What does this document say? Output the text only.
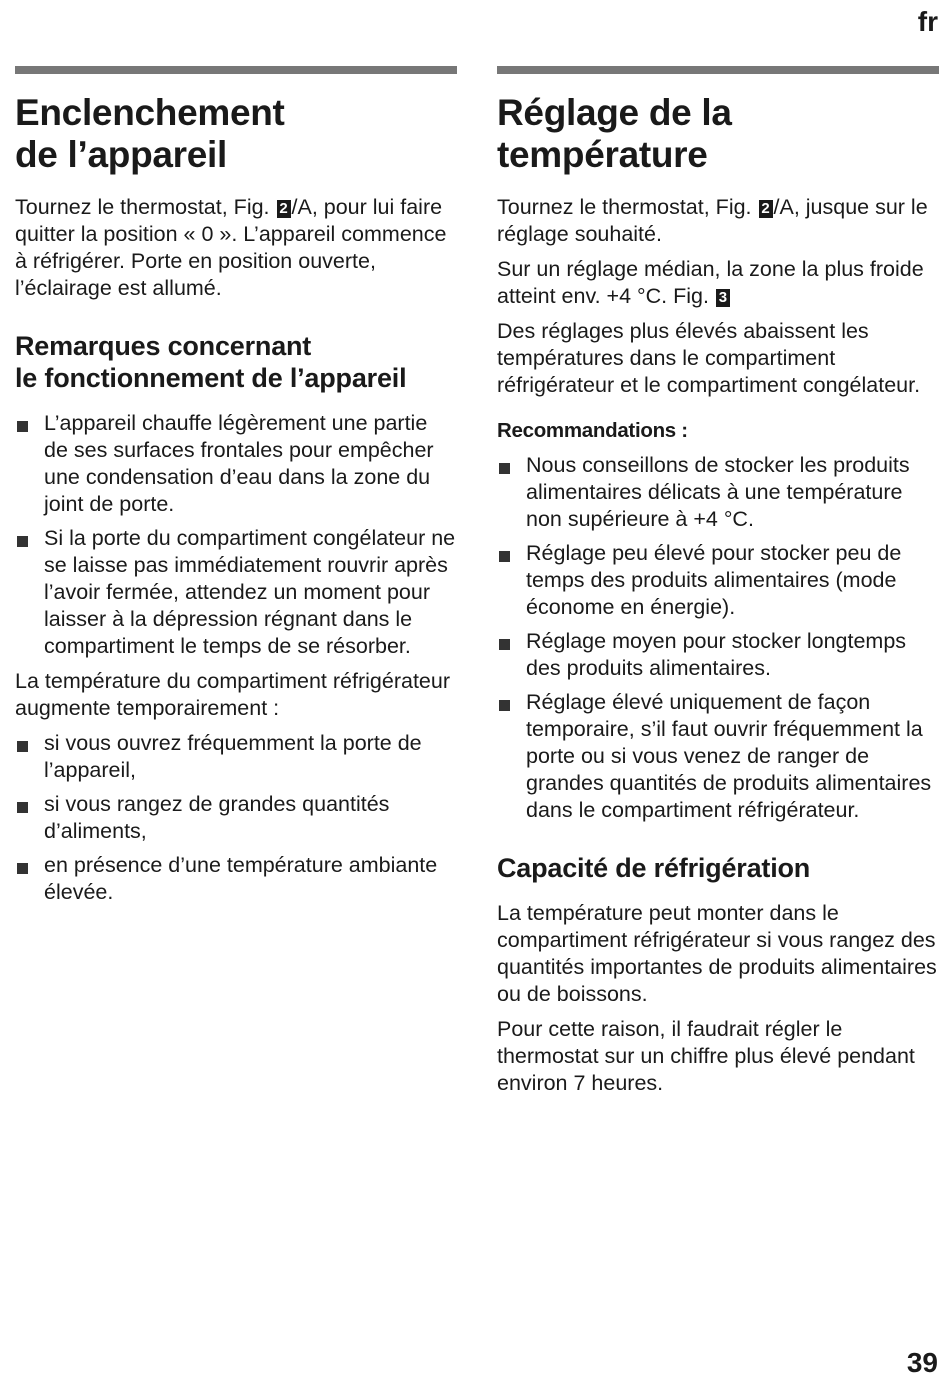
fr
Enclenchement
de l’appareil

Tournez le thermostat, Fig. 2 /A, pour lui faire quitter la position « 0 ». L’appareil commence à réfrigérer. Porte en position ouverte, l’éclairage est allumé.

Remarques concernant
le fonctionnement de l’appareil
L’appareil chauffe légèrement une partie de ses surfaces frontales pour empêcher une condensation d’eau dans la zone du joint de porte.
Si la porte du compartiment congélateur ne se laisse pas immédiatement rouvrir après l’avoir fermée, attendez un moment pour laisser à la dépression régnant dans le compartiment le temps de se résorber.

La température du compartiment réfrigérateur augmente temporairement :

si vous ouvrez fréquemment la porte de l’appareil,
si vous rangez de grandes quantités d’aliments,
en présence d’une température ambiante élevée.
Réglage de la
température

Tournez le thermostat, Fig. 2 /A, jusque sur le réglage souhaité.

Sur un réglage médian, la zone la plus froide atteint env. +4 °C. Fig. 3

Des réglages plus élevés abaissent les températures dans le compartiment réfrigérateur et le compartiment congélateur.

Recommandations :
Nous conseillons de stocker les produits alimentaires délicats à une température non supérieure à +4 °C.
Réglage peu élevé pour stocker peu de temps des produits alimentaires (mode économe en énergie).
Réglage moyen pour stocker longtemps des produits alimentaires.
Réglage élevé uniquement de façon temporaire, s’il faut ouvrir fréquemment la porte ou si vous venez de ranger de grandes quantités de produits alimentaires dans le compartiment réfrigérateur.
Capacité de réfrigération

La température peut monter dans le compartiment réfrigérateur si vous rangez des quantités importantes de produits alimentaires ou de boissons.

Pour cette raison, il faudrait régler le thermostat sur un chiffre plus élevé pendant environ 7 heures.

39
